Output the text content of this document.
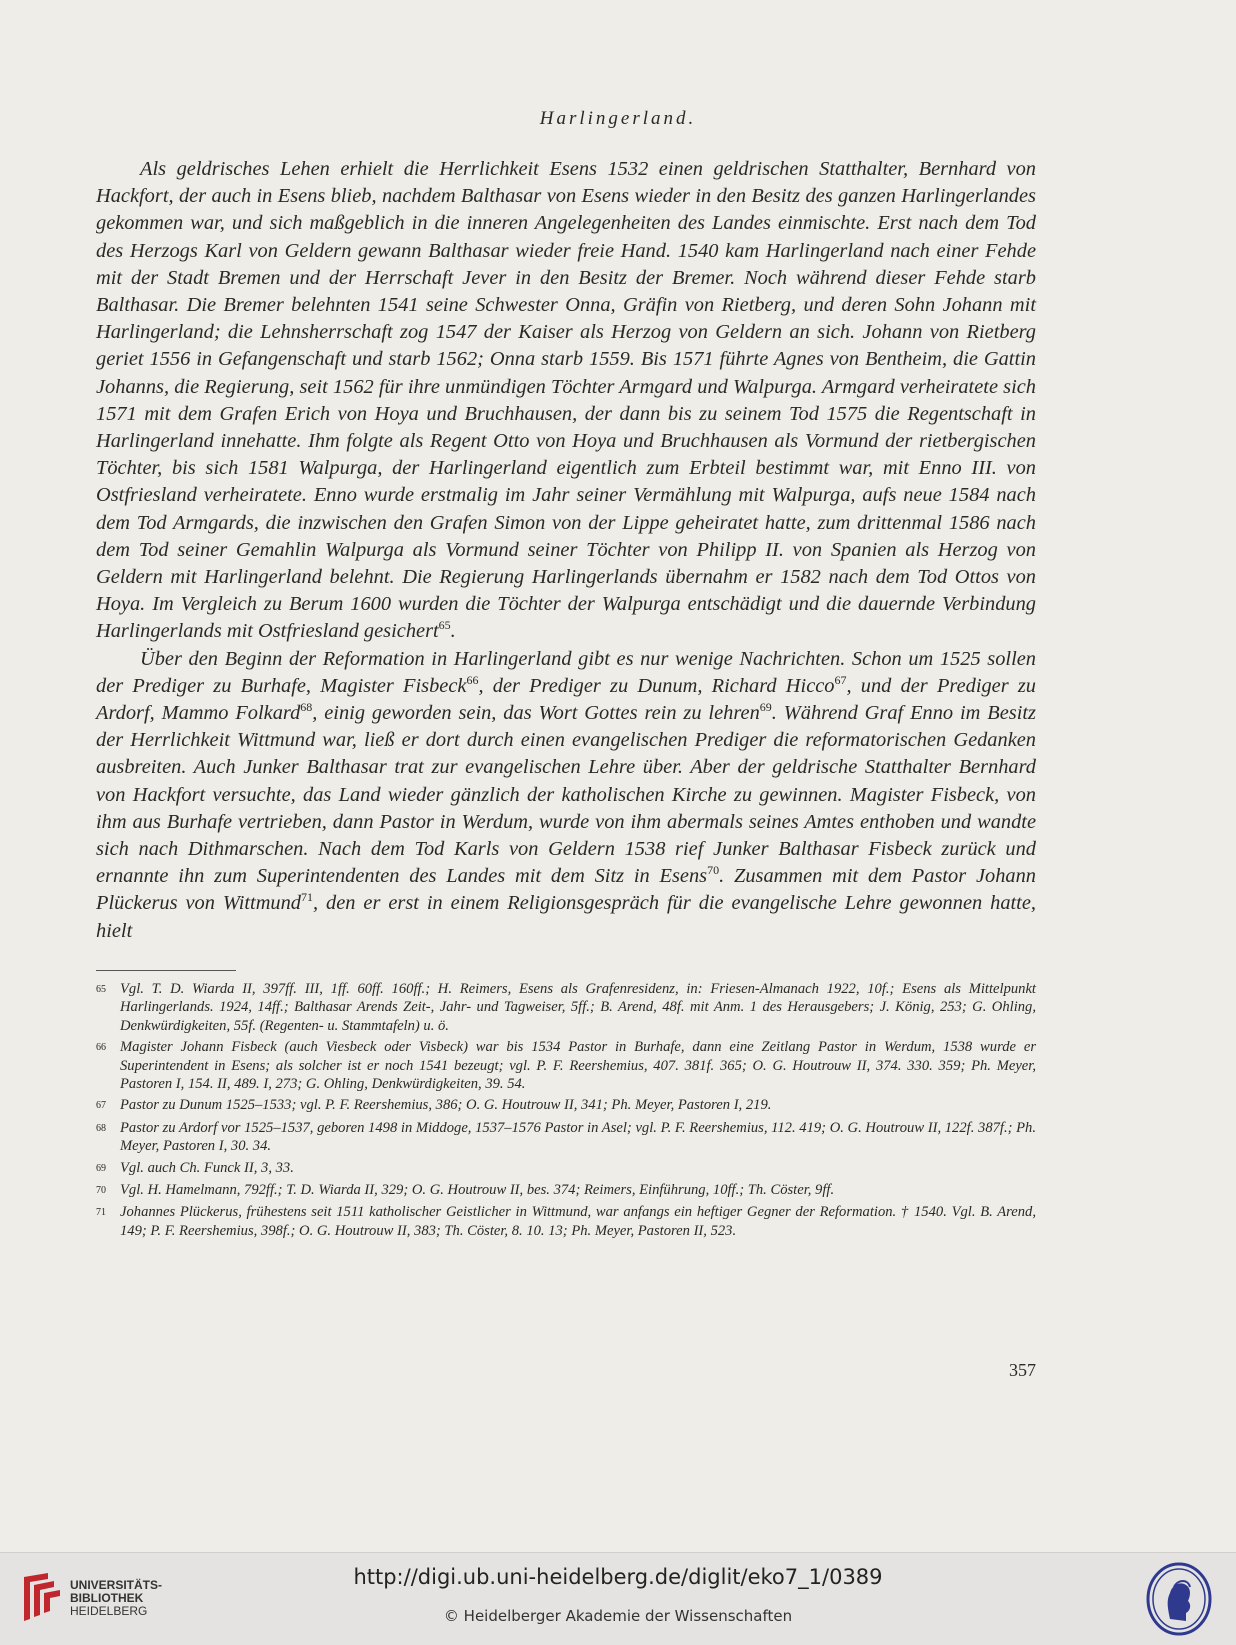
Harlingerland.

Als geldrisches Lehen erhielt die Herrlichkeit Esens 1532 einen geldrischen Statthalter, Bernhard von Hackfort, der auch in Esens blieb, nachdem Balthasar von Esens wieder in den Besitz des ganzen Harlingerlandes gekommen war, und sich maßgeblich in die inneren Angelegenheiten des Landes einmischte. Erst nach dem Tod des Herzogs Karl von Geldern gewann Balthasar wieder freie Hand. 1540 kam Harlingerland nach einer Fehde mit der Stadt Bremen und der Herrschaft Jever in den Besitz der Bremer. Noch während dieser Fehde starb Balthasar. Die Bremer belehnten 1541 seine Schwester Onna, Gräfin von Rietberg, und deren Sohn Johann mit Harlingerland; die Lehnsherrschaft zog 1547 der Kaiser als Herzog von Geldern an sich. Johann von Rietberg geriet 1556 in Gefangenschaft und starb 1562; Onna starb 1559. Bis 1571 führte Agnes von Bentheim, die Gattin Johanns, die Regierung, seit 1562 für ihre unmündigen Töchter Armgard und Walpurga. Armgard verheiratete sich 1571 mit dem Grafen Erich von Hoya und Bruchhausen, der dann bis zu seinem Tod 1575 die Regentschaft in Harlingerland innehatte. Ihm folgte als Regent Otto von Hoya und Bruchhausen als Vormund der rietbergischen Töchter, bis sich 1581 Walpurga, der Harlingerland eigentlich zum Erbteil bestimmt war, mit Enno III. von Ostfriesland verheiratete. Enno wurde erstmalig im Jahr seiner Vermählung mit Walpurga, aufs neue 1584 nach dem Tod Armgards, die inzwischen den Grafen Simon von der Lippe geheiratet hatte, zum drittenmal 1586 nach dem Tod seiner Gemahlin Walpurga als Vormund seiner Töchter von Philipp II. von Spanien als Herzog von Geldern mit Harlingerland belehnt. Die Regierung Harlingerlands übernahm er 1582 nach dem Tod Ottos von Hoya. Im Vergleich zu Berum 1600 wurden die Töchter der Walpurga entschädigt und die dauernde Verbindung Harlingerlands mit Ostfriesland gesichert$^{65}$.

Über den Beginn der Reformation in Harlingerland gibt es nur wenige Nachrichten. Schon um 1525 sollen der Prediger zu Burhafe, Magister Fisbeck$^{66}$, der Prediger zu Dunum, Richard Hicco$^{67}$, und der Prediger zu Ardorf, Mammo Folkard$^{68}$, einig geworden sein, das Wort Gottes rein zu lehren$^{69}$. Während Graf Enno im Besitz der Herrlichkeit Wittmund war, ließ er dort durch einen evangelischen Prediger die reformatorischen Gedanken ausbreiten. Auch Junker Balthasar trat zur evangelischen Lehre über. Aber der geldrische Statthalter Bernhard von Hackfort versuchte, das Land wieder gänzlich der katholischen Kirche zu gewinnen. Magister Fisbeck, von ihm aus Burhafe vertrieben, dann Pastor in Werdum, wurde von ihm abermals seines Amtes enthoben und wandte sich nach Dithmarschen. Nach dem Tod Karls von Geldern 1538 rief Junker Balthasar Fisbeck zurück und ernannte ihn zum Superintendenten des Landes mit dem Sitz in Esens$^{70}$. Zusammen mit dem Pastor Johann Plückerus von Wittmund$^{71}$, den er erst in einem Religionsgespräch für die evangelische Lehre gewonnen hatte, hielt

65 Vgl. T. D. Wiarda II, 397ff. III, 1ff. 60ff. 160ff.; H. Reimers, Esens als Grafenresidenz, in: Friesen-Almanach 1922, 10f.; Esens als Mittelpunkt Harlingerlands. 1924, 14ff.; Balthasar Arends Zeit-, Jahr- und Tagweiser, 5ff.; B. Arend, 48f. mit Anm. 1 des Herausgebers; J. König, 253; G. Ohling, Denkwürdigkeiten, 55f. (Regenten- u. Stammtafeln) u. ö.
66 Magister Johann Fisbeck (auch Viesbeck oder Visbeck) war bis 1534 Pastor in Burhafe, dann eine Zeitlang Pastor in Werdum, 1538 wurde er Superintendent in Esens; als solcher ist er noch 1541 bezeugt; vgl. P. F. Reershemius, 407. 381f. 365; O. G. Houtrouw II, 374. 330. 359; Ph. Meyer, Pastoren I, 154. II, 489. I, 273; G. Ohling, Denkwürdigkeiten, 39. 54.
67 Pastor zu Dunum 1525–1533; vgl. P. F. Reershemius, 386; O. G. Houtrouw II, 341; Ph. Meyer, Pastoren I, 219.
68 Pastor zu Ardorf vor 1525–1537, geboren 1498 in Middoge, 1537–1576 Pastor in Asel; vgl. P. F. Reershemius, 112. 419; O. G. Houtrouw II, 122f. 387f.; Ph. Meyer, Pastoren I, 30. 34.
69 Vgl. auch Ch. Funck II, 3, 33.
70 Vgl. H. Hamelmann, 792ff.; T. D. Wiarda II, 329; O. G. Houtrouw II, bes. 374; Reimers, Einführung, 10ff.; Th. Cöster, 9ff.
71 Johannes Plückerus, frühestens seit 1511 katholischer Geistlicher in Wittmund, war anfangs ein heftiger Gegner der Reformation. † 1540. Vgl. B. Arend, 149; P. F. Reershemius, 398f.; O. G. Houtrouw II, 383; Th. Cöster, 8. 10. 13; Ph. Meyer, Pastoren II, 523.
357
UNIVERSITÄTS-
BIBLIOTHEK
HEIDELBERG
http://digi.ub.uni-heidelberg.de/diglit/eko7_1/0389
© Heidelberger Akademie der Wissenschaften
